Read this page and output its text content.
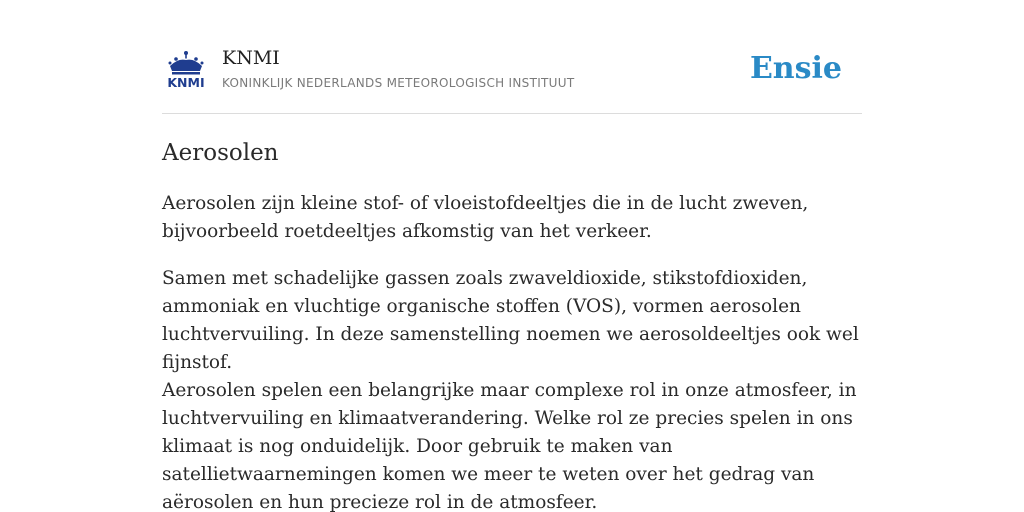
KNMI
KNMI
KONINKLIJK NEDERLANDS METEOROLOGISCH INSTITUUT	Ensie
Aerosolen

Aerosolen zijn kleine stof- of vloeistofdeeltjes die in de lucht zweven, bijvoorbeeld roetdeeltjes afkomstig van het verkeer.

Samen met schadelijke gassen zoals zwaveldioxide, stikstofdioxiden, ammoniak en vluchtige organische stoffen (VOS), vormen aerosolen luchtvervuiling. In deze samenstelling noemen we aerosoldeeltjes ook wel fijnstof.

Aerosolen spelen een belangrijke maar complexe rol in onze atmosfeer, in luchtvervuiling en klimaatverandering. Welke rol ze precies spelen in ons klimaat is nog onduidelijk. Door gebruik te maken van satellietwaarnemingen komen we meer te weten over het gedrag van aërosolen en hun precieze rol in de atmosfeer.
